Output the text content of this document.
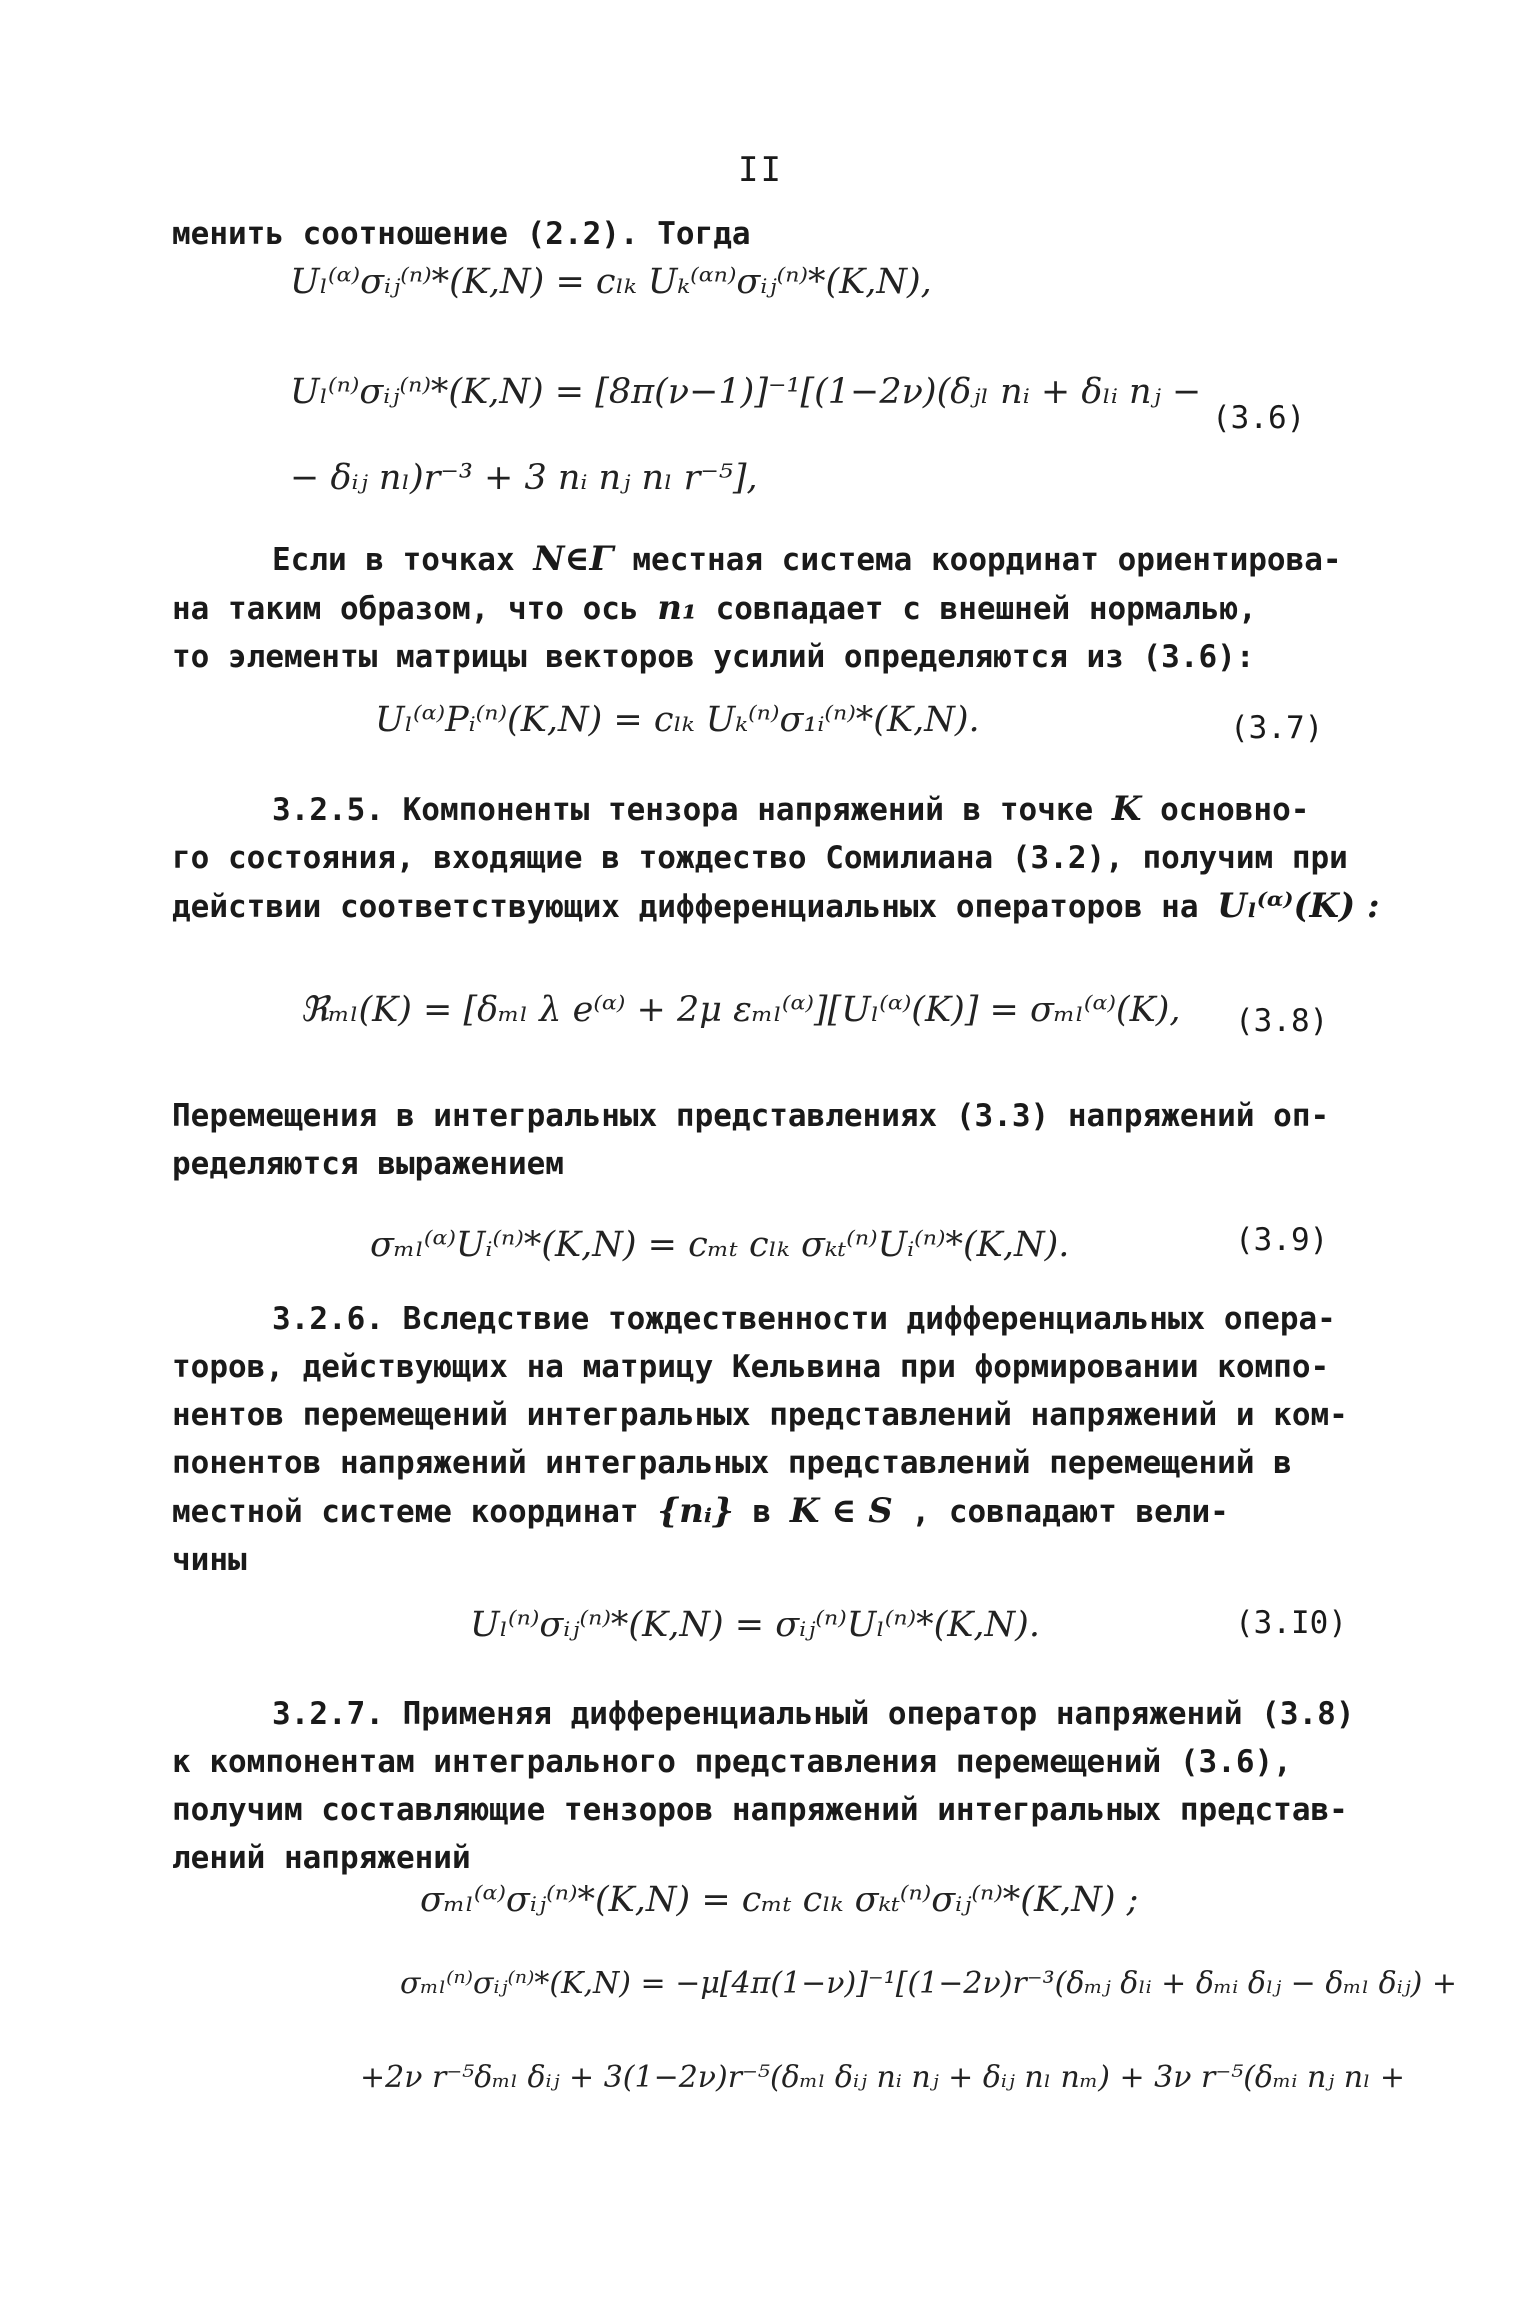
II
менить соотношение (2.2). Тогда
Uₗ⁽ᵅ⁾σᵢⱼ⁽ⁿ⁾*(K,N) = cₗₖ Uₖ⁽ᵅⁿ⁾σᵢⱼ⁽ⁿ⁾*(K,N),
Uₗ⁽ⁿ⁾σᵢⱼ⁽ⁿ⁾*(K,N) = [8π(ν−1)]⁻¹[(1−2ν)(δⱼₗ nᵢ + δₗᵢ nⱼ −
(3.6)
− δᵢⱼ nₗ)r⁻³ + 3 nᵢ nⱼ nₗ r⁻⁵],
Если в точках N∈Γ местная система координат ориентирова-
на таким образом, что ось n₁ совпадает с внешней нормалью,
то элементы матрицы векторов усилий определяются из (3.6):
Uₗ⁽ᵅ⁾Pᵢ⁽ⁿ⁾(K,N) = cₗₖ Uₖ⁽ⁿ⁾σ₁ᵢ⁽ⁿ⁾*(K,N).	(3.7)
3.2.5. Компоненты тензора напряжений в точке K основно-
го состояния, входящие в тождество Сомилиана (3.2), получим при
действии соответствующих дифференциальных операторов на Uₗ⁽ᵅ⁾(K) :
ℜₘₗ(K) = [δₘₗ λ e⁽ᵅ⁾ + 2μ εₘₗ⁽ᵅ⁾][Uₗ⁽ᵅ⁾(K)] = σₘₗ⁽ᵅ⁾(K), (3.8)
Перемещения в интегральных представлениях (3.3) напряжений оп-
ределяются выражением
σₘₗ⁽ᵅ⁾Uᵢ⁽ⁿ⁾*(K,N) = cₘₜ cₗₖ σₖₜ⁽ⁿ⁾Uᵢ⁽ⁿ⁾*(K,N).	(3.9)
3.2.6. Вследствие тождественности дифференциальных опера-
торов, действующих на матрицу Кельвина при формировании компо-
нентов перемещений интегральных представлений напряжений и ком-
понентов напряжений интегральных представлений перемещений в
местной системе координат {nᵢ} в K ∈ S , совпадают вели-
чины
Uₗ⁽ⁿ⁾σᵢⱼ⁽ⁿ⁾*(K,N) = σᵢⱼ⁽ⁿ⁾Uₗ⁽ⁿ⁾*(K,N).	(3.I0)
3.2.7. Применяя дифференциальный оператор напряжений (3.8)
к компонентам интегрального представления перемещений (3.6),
получим составляющие тензоров напряжений интегральных представ-
лений напряжений
σₘₗ⁽ᵅ⁾σᵢⱼ⁽ⁿ⁾*(K,N) = cₘₜ cₗₖ σₖₜ⁽ⁿ⁾σᵢⱼ⁽ⁿ⁾*(K,N) ;
σₘₗ⁽ⁿ⁾σᵢⱼ⁽ⁿ⁾*(K,N) = −μ[4π(1−ν)]⁻¹[(1−2ν)r⁻³(δₘⱼ δₗᵢ + δₘᵢ δₗⱼ − δₘₗ δᵢⱼ) +
+2ν r⁻⁵δₘₗ δᵢⱼ + 3(1−2ν)r⁻⁵(δₘₗ δᵢⱼ nᵢ nⱼ + δᵢⱼ nₗ nₘ) + 3ν r⁻⁵(δₘᵢ nⱼ nₗ +
